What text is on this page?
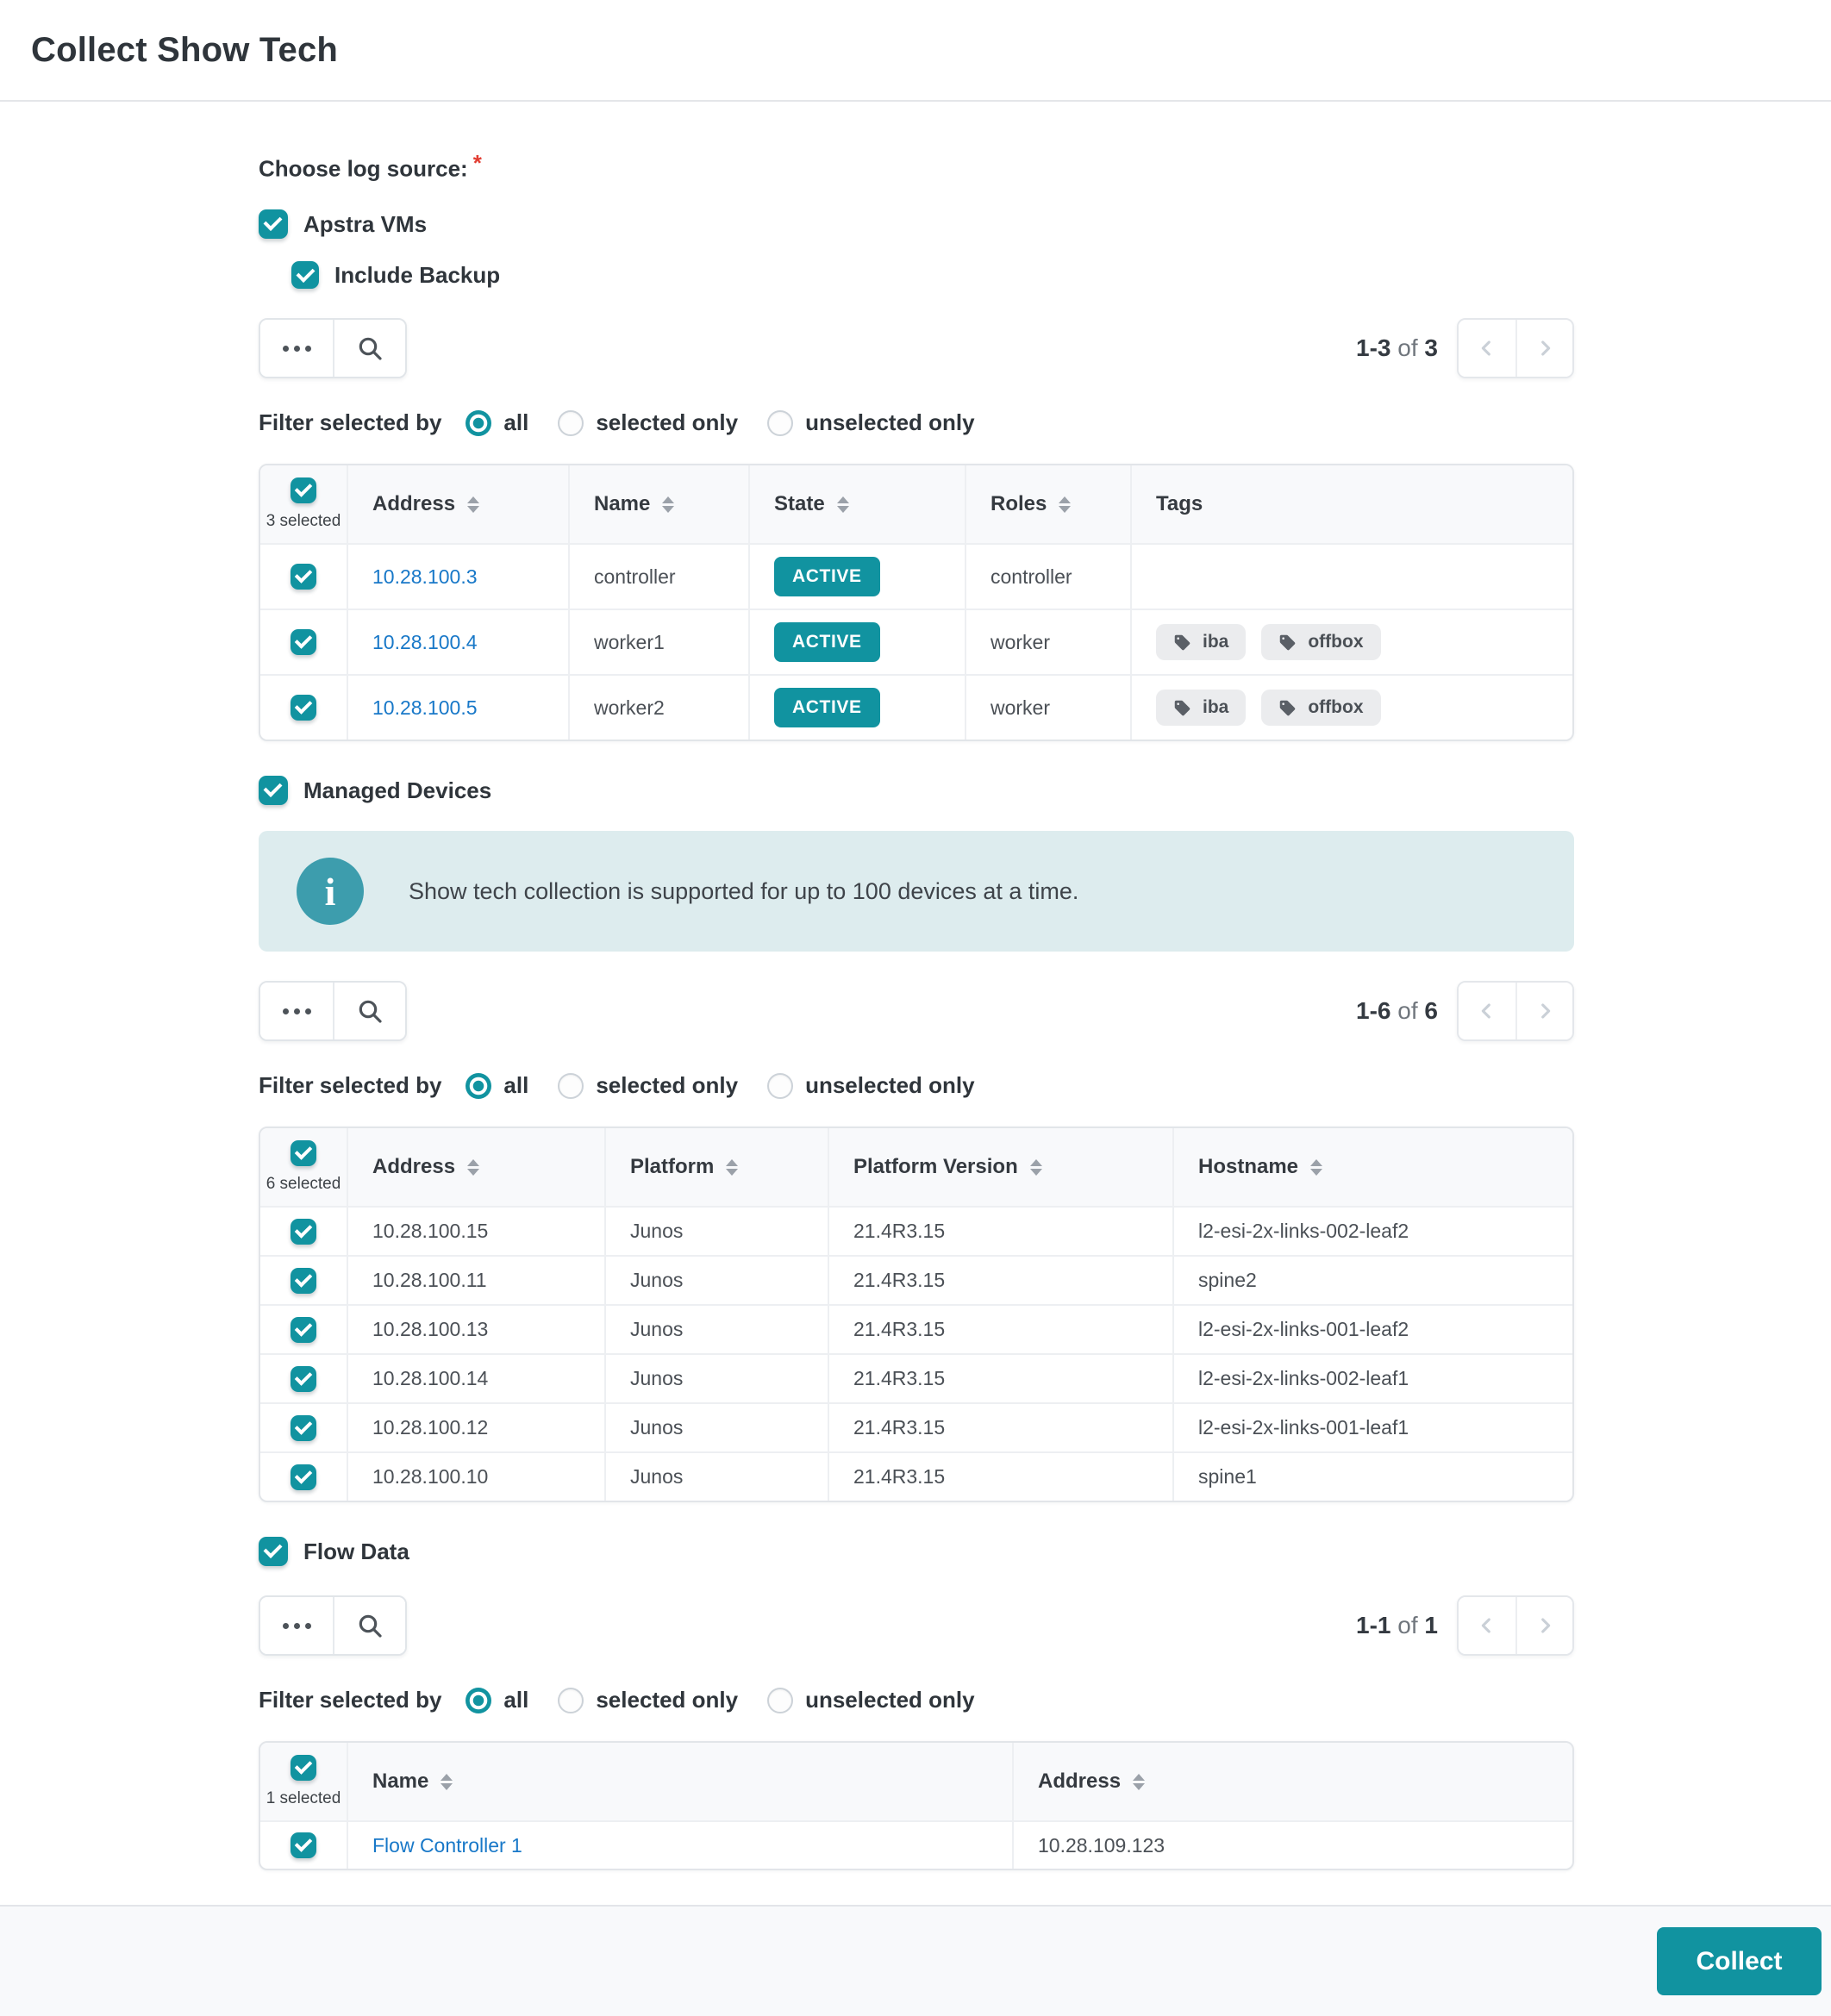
Collect Show Tech
Choose log source: *
Apstra VMs
Include Backup
1-3 of 3
Filter selected by	all	selected only	unselected only
3 selected
Address	Name	State	Roles	Tags
10.28.100.3	controller	ACTIVE	controller
10.28.100.4	worker1	ACTIVE	worker	iba	offbox
10.28.100.5	worker2	ACTIVE	worker	iba	offbox
Managed Devices
i
Show tech collection is supported for up to 100 devices at a time.
1-6 of 6
Filter selected by	all	selected only	unselected only
6 selected
Address	Platform	Platform Version	Hostname
10.28.100.15	Junos	21.4R3.15	l2-esi-2x-links-002-leaf2
10.28.100.11	Junos	21.4R3.15	spine2
10.28.100.13	Junos	21.4R3.15	l2-esi-2x-links-001-leaf2
10.28.100.14	Junos	21.4R3.15	l2-esi-2x-links-002-leaf1
10.28.100.12	Junos	21.4R3.15	l2-esi-2x-links-001-leaf1
10.28.100.10	Junos	21.4R3.15	spine1
Flow Data
1-1 of 1
Filter selected by	all	selected only	unselected only
1 selected
Name	Address
Flow Controller 1	10.28.109.123
Collect
